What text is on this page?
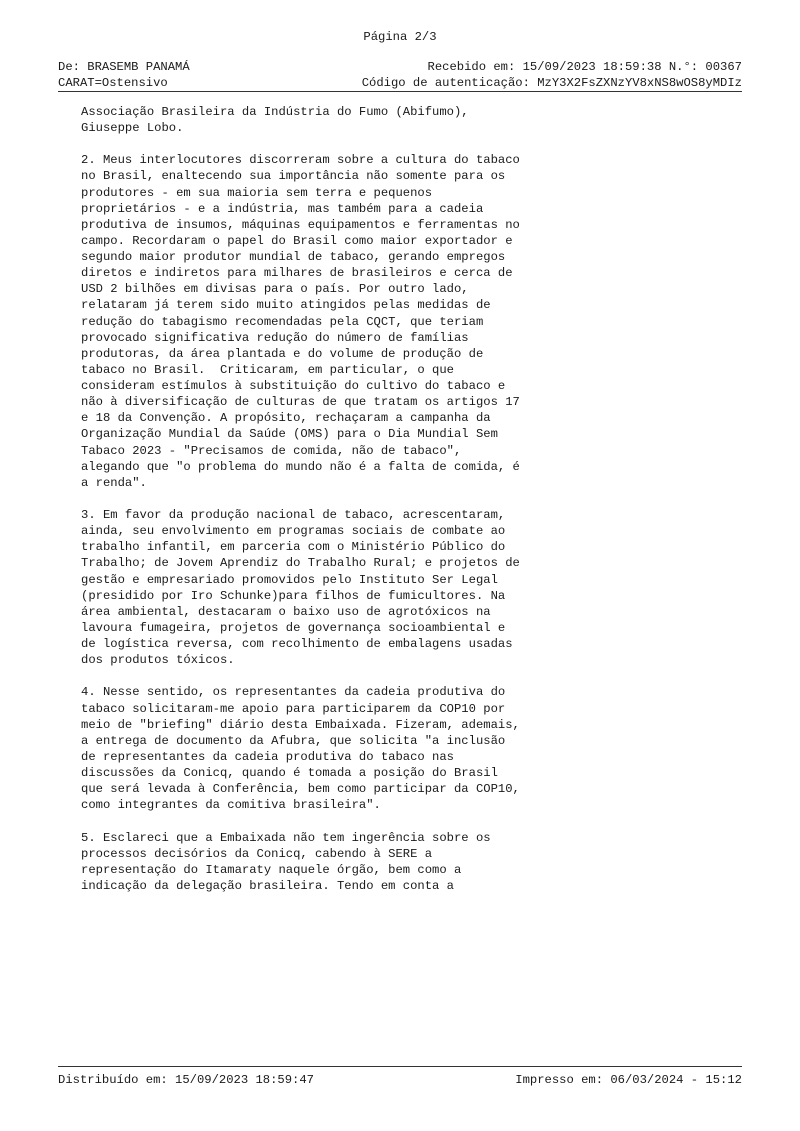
Página 2/3

De: BRASEMB PANAMÁ

	Recebido em: 15/09/2023 18:59:38 N.°: 00367

CARAT=Ostensivo

	Código de autenticação: MzY3X2FsZXNzYV8xNS8wOS8yMDIz

Associação Brasileira da Indústria do Fumo (Abifumo),
Giuseppe Lobo.

2. Meus interlocutores discorreram sobre a cultura do tabaco
no Brasil, enaltecendo sua importância não somente para os
produtores - em sua maioria sem terra e pequenos
proprietários - e a indústria, mas também para a cadeia
produtiva de insumos, máquinas equipamentos e ferramentas no
campo. Recordaram o papel do Brasil como maior exportador e
segundo maior produtor mundial de tabaco, gerando empregos
diretos e indiretos para milhares de brasileiros e cerca de
USD 2 bilhões em divisas para o país. Por outro lado,
relataram já terem sido muito atingidos pelas medidas de
redução do tabagismo recomendadas pela CQCT, que teriam
provocado significativa redução do número de famílias
produtoras, da área plantada e do volume de produção de
tabaco no Brasil.  Criticaram, em particular, o que
consideram estímulos à substituição do cultivo do tabaco e
não à diversificação de culturas de que tratam os artigos 17
e 18 da Convenção. A propósito, rechaçaram a campanha da
Organização Mundial da Saúde (OMS) para o Dia Mundial Sem
Tabaco 2023 - "Precisamos de comida, não de tabaco",
alegando que "o problema do mundo não é a falta de comida, é
a renda".

3. Em favor da produção nacional de tabaco, acrescentaram,
ainda, seu envolvimento em programas sociais de combate ao
trabalho infantil, em parceria com o Ministério Público do
Trabalho; de Jovem Aprendiz do Trabalho Rural; e projetos de
gestão e empresariado promovidos pelo Instituto Ser Legal
(presidido por Iro Schunke)para filhos de fumicultores. Na
área ambiental, destacaram o baixo uso de agrotóxicos na
lavoura fumageira, projetos de governança socioambiental e
de logística reversa, com recolhimento de embalagens usadas
dos produtos tóxicos.

4. Nesse sentido, os representantes da cadeia produtiva do
tabaco solicitaram-me apoio para participarem da COP10 por
meio de "briefing" diário desta Embaixada. Fizeram, ademais,
a entrega de documento da Afubra, que solicita "a inclusão
de representantes da cadeia produtiva do tabaco nas
discussões da Conicq, quando é tomada a posição do Brasil
que será levada à Conferência, bem como participar da COP10,
como integrantes da comitiva brasileira".

5. Esclareci que a Embaixada não tem ingerência sobre os
processos decisórios da Conicq, cabendo à SERE a
representação do Itamaraty naquele órgão, bem como a
indicação da delegação brasileira. Tendo em conta a

Distribuído em: 15/09/2023 18:59:47

	Impresso em: 06/03/2024 - 15:12
